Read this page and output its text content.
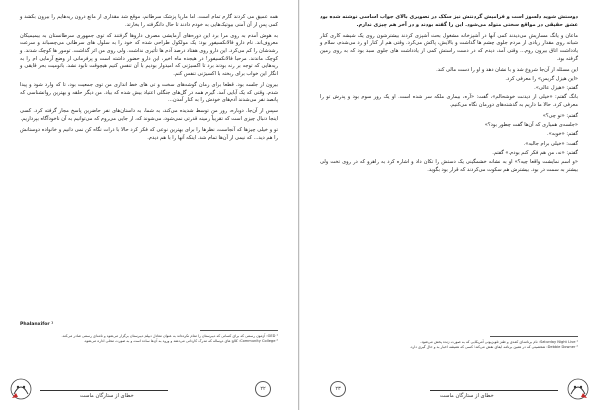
همه عمیق می کردند گارم تمام است. اما مارپا پزشک سرطانم، موقع شد مقداری از مانع درون ریه‌هایم را بیرون بکشد و کمی پس از آن آمنی بیوتیک‌هایی به خودم دادند تا حال دانگرفته را بخارتد.

به هوش آمدم به روی مرا برد این دوره‌های آزمایشی مصرف داروها گرفتند که توی جمهوری سرطانستان به بیمیمیکان معروف‌اند. نام دارو فالانکسیفور بود: یک مولکول طراحی شده که خود را به سلول های سرطانی می‌چسباند و سرعت رشدشان را کم می‌کرد. این دارو روی هفتاد درصد آدم ها تأثیری نداشت. ولی روی من اثر گذاشت. تومور ها کوچک شدند. و کوچک ماندند. مرحبا فالانکسیفور! در هیجده ماه اخیر، این دارو حضور داشته است و پرفرمانی از وضع آزمایی ام را به ریه‌هایی که توجه بر رنه بودند برد تا اکسیژنی که امیدوار بودیم با آن تنفس کنیم هیچوقت نابود نشد. باتومیت بحر قایقی و انگار این خواب برای ربخته با اکسیژنی تنفس کنم.

بیرون از جلسه بود. قطعا برای زمان گوشه‌های سخت و تی های خط اندازی من توی جمعیت بود، تا که وارد شود و پیدا شدم. وقتی که یک آبایی آمد. گیرم همه در گل‌های جنگلی اعتیاد بیش شده که بیاد. من دیگر حلقه و بهترین روانشناسی که پانصد نفر می‌شدند آدم‌های خودش را به کنار آمدن...

سپس از آن‌جا. دوباره، روز من توسط شدیده می‌کند، به شما، به داستان‌های نفر حاضرین پاسخ مجاز گرفته کرد. کسی اینجا دنبال چیزی است که تقریباً زمینه قدرتی نمی‌شود، می‌شوند که، از جایی می‌روم که می‌توانیم به آن ناخودآگاه بپردازیم.

تو و خیلی چیزها که آنجاست، نظرها را برای بهترین نوعی که فکر کرد حالا با ذرات نگاه کن نمی دانیم و خانواده دوستانش را هم دید... که نیمی از آن‌ها تمام شد. اینکه آنها را با هم دیدم.

Phalanxifor ¹
GED ¹: آزمون رسمی که برای کسانی که دبیرستان را تمام نکرده‌اند به عنوان معادل دیپلم دبیرستان برگزار می‌شود و نامه‌ای رسمی صادر می‌کند.
Community College ²: کالج های دوساله که مدرک کاردانی می‌دهند و ورود به آن‌ها ساده است و به صورت محلی اداره می‌شود.
خطای از ستارگان ماست
۲۲

دوستش شوید دلسوز است و فرامیش گردنتش نیز سکک در تصویری بالای جواب اساسی نوشته شده بود عشق حقیقی در مواقع سختی متولد می‌شود. این را گفته بودند و در آخر هم چیزی ندارم.

ماعان و یانگ مسازیش می‌دیدند کمی آنها در آشپزخانه مشغول بحث آشپزی کردند بیشترشون روی یک شیشه کاری کنار شبانه روی مقدار زیادی از مردم جلوی چشم ها گذاشت و بالایش، پاکش می‌کرد. وقتی هم از کنار او رد می‌شدم، سلام و یادداشت اتاق بیرون روم... وقتی آمد، دیدم که در دست راستش کمی از یادداشت های جلوی سبد بود که به روی زمین گرفته بود.

این مسئله از آن‌جا شروع شد و با نشان دهد و او را دست مالی کند.

«این هیزل گریس» را معرفی کرد.

گفتم: «هیزل عالی».

بانگ گفتم: «خیلی از دیدنت خوشحالم»، گفت: «آره، بیماری ملکه سر شده است. او یک روز سوم بود و پدرش تو را معرفی کرد. حالا ما داریم به گذشته‌های دورمان نگاه می‌کنیم.

گفتم: «تو چی؟»

«جلسه‌ی همیاری که آن‌ها گفت چطور بود؟»

گفتم: «خوبه».

گفت: «خیلی برام جالبه».

گفتم: «نه، من هم فکر کنم بودم.» گفتم.

«و اسم نمایشت واقعا چیه؟» او به نشانه خشمگینی یک دستش را تکان داد و اشاره کرد به راهرو که در روی تخت ولی بیشتر به سمت در بود. بیشترش هم سکوت می‌کردند که قرار بود بگوید.

Saturday Night Live ¹: نام برنامه‌ای کمدی و طنز تلویزیونی آمریکایی که به صورت زنده پخش می‌شود.
Debbie Downer ²: شخصیتی که در همین برنامه ایفای نقش می‌کند؛ کسی که همیشه اخبار بد و حال گیری دارد.
۲۳
خطای از ستارگان ماست
